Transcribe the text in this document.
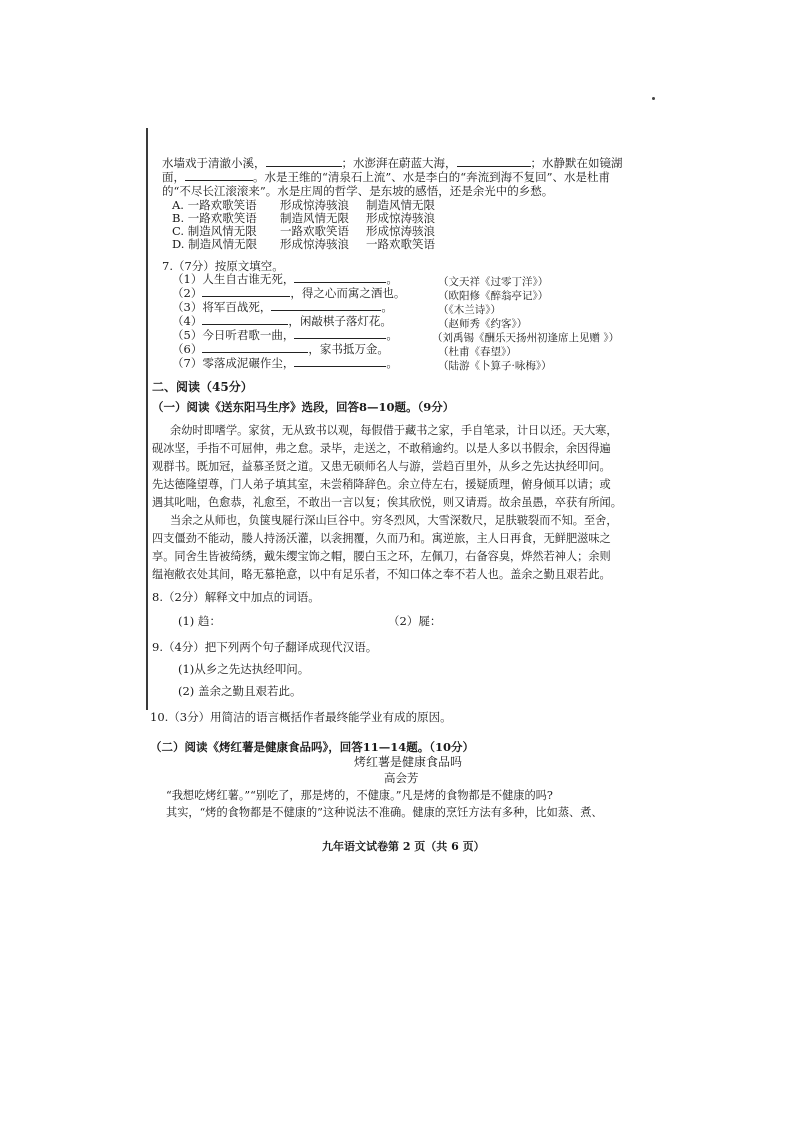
水墙戏于清澈小溪，	；水澎湃在蔚蓝大海，	；水静默在如镜湖
面，	。水是王维的“清泉石上流”、水是李白的“奔流到海不复回”、水是杜甫
的“不尽长江滚滚来”。水是庄周的哲学、是东坡的感悟，还是余光中的乡愁。
A. 一路欢歌笑语 形成惊涛骇浪 制造风情无限
B. 一路欢歌笑语 制造风情无限 形成惊涛骇浪
C. 制造风情无限 一路欢歌笑语 形成惊涛骇浪
D. 制造风情无限 形成惊涛骇浪 一路欢歌笑语
7.（7分）按原文填空。
（1）人生自古谁无死，	。	（文天祥《过零丁洋》）
（2）	，得之心而寓之酒也。	（欧阳修《醉翁亭记》）
（3）将军百战死，	。	（《木兰诗》）
（4）	，闲敲棋子落灯花。	（赵师秀《约客》）
（5）今日听君歌一曲，	。	（刘禹锡《酬乐天扬州初逢席上见赠 》）
（6）	，家书抵万金。	（杜甫《春望》）
（7）零落成泥碾作尘，	。	（陆游《卜算子·咏梅》）
二、阅读（45分）
（一）阅读《送东阳马生序》选段，回答8—10题。（9分）
余幼时即嗜学。家贫，无从致书以观，每假借于藏书之家，手自笔录，计日以还。天大寒，
砚冰坚，手指不可屈伸，弗之怠。录毕，走送之，不敢稍逾约。以是人多以书假余，余因得遍
观群书。既加冠，益慕圣贤之道。又患无硕师名人与游，尝趋百里外，从乡之先达执经叩问。
先达德隆望尊，门人弟子填其室，未尝稍降辞色。余立侍左右，援疑质理，俯身倾耳以请；或
遇其叱咄，色愈恭，礼愈至，不敢出一言以复；俟其欣悦，则又请焉。故余虽愚，卒获有所闻。
当余之从师也，负箧曳屣行深山巨谷中。穷冬烈风，大雪深数尺，足肤皲裂而不知。至舍，
四支僵劲不能动，媵人持汤沃灌，以衾拥覆，久而乃和。寓逆旅，主人日再食，无鲜肥滋味之
享。同舍生皆被绮绣，戴朱缨宝饰之帽，腰白玉之环，左佩刀，右备容臭，烨然若神人；余则
缊袍敝衣处其间，略无慕艳意，以中有足乐者，不知口体之奉不若人也。盖余之勤且艰若此。
8.（2分）解释文中加点的词语。
(1) 趋：	（2）屣：
9.（4分）把下列两个句子翻译成现代汉语。
(1)从乡之先达执经叩问。
(2) 盖余之勤且艰若此。
10.（3分）用简洁的语言概括作者最终能学业有成的原因。
（二）阅读《烤红薯是健康食品吗》，回答11—14题。（10分）
烤红薯是健康食品吗
高会芳
“我想吃烤红薯。”“别吃了，那是烤的，不健康。”凡是烤的食物都是不健康的吗?
其实，“烤的食物都是不健康的”这种说法不准确。健康的烹饪方法有多种，比如蒸、煮、
九年语文试卷第 2 页（共 6 页）
